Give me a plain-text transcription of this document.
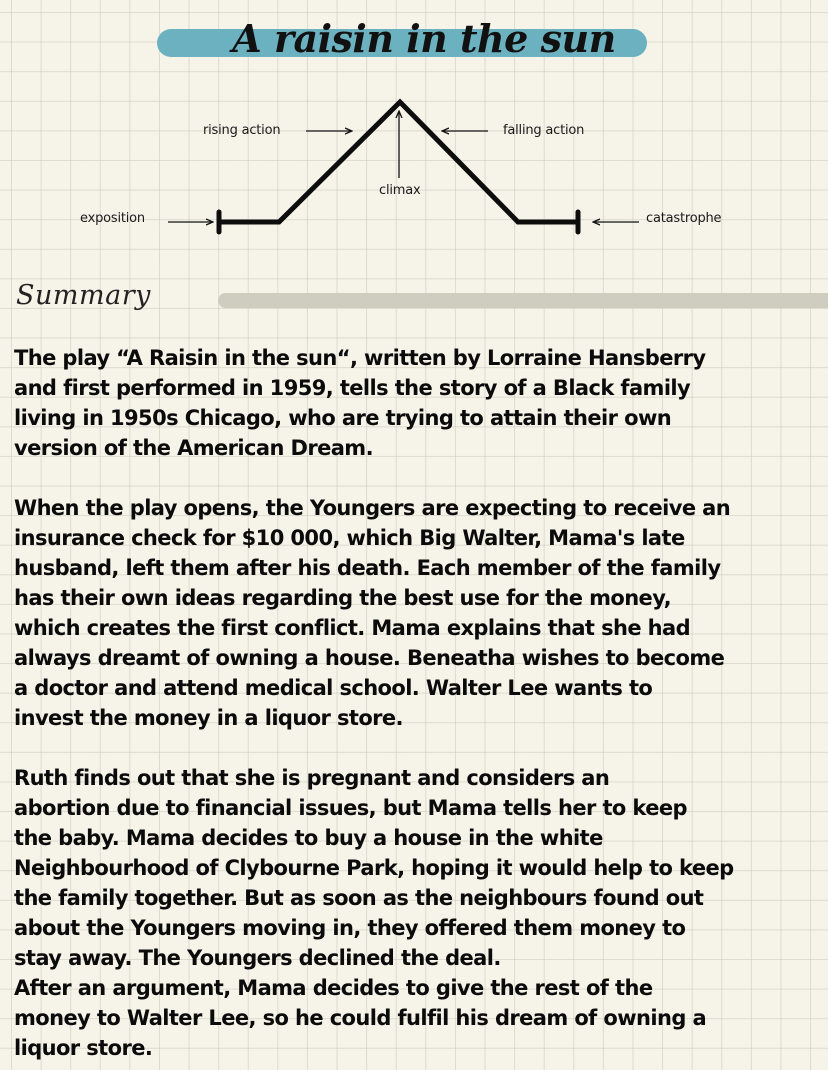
A raisin in the sun
exposition
rising action
climax
falling action
catastrophe
Summary
The play “A Raisin in the sun“, written by Lorraine Hansberry
and first performed in 1959, tells the story of a Black family
living in 1950s Chicago, who are trying to attain their own
version of the American Dream.
When the play opens, the Youngers are expecting to receive an
insurance check for $10 000, which Big Walter, Mama's late
husband, left them after his death. Each member of the family
has their own ideas regarding the best use for the money,
which creates the first conflict. Mama explains that she had
always dreamt of owning a house. Beneatha wishes to become
a doctor and attend medical school. Walter Lee wants to
invest the money in a liquor store.
Ruth finds out that she is pregnant and considers an
abortion due to financial issues, but Mama tells her to keep
the baby. Mama decides to buy a house in the white
Neighbourhood of Clybourne Park, hoping it would help to keep
the family together. But as soon as the neighbours found out
about the Youngers moving in, they offered them money to
stay away. The Youngers declined the deal.
After an argument, Mama decides to give the rest of the
money to Walter Lee, so he could fulfil his dream of owning a
liquor store.
